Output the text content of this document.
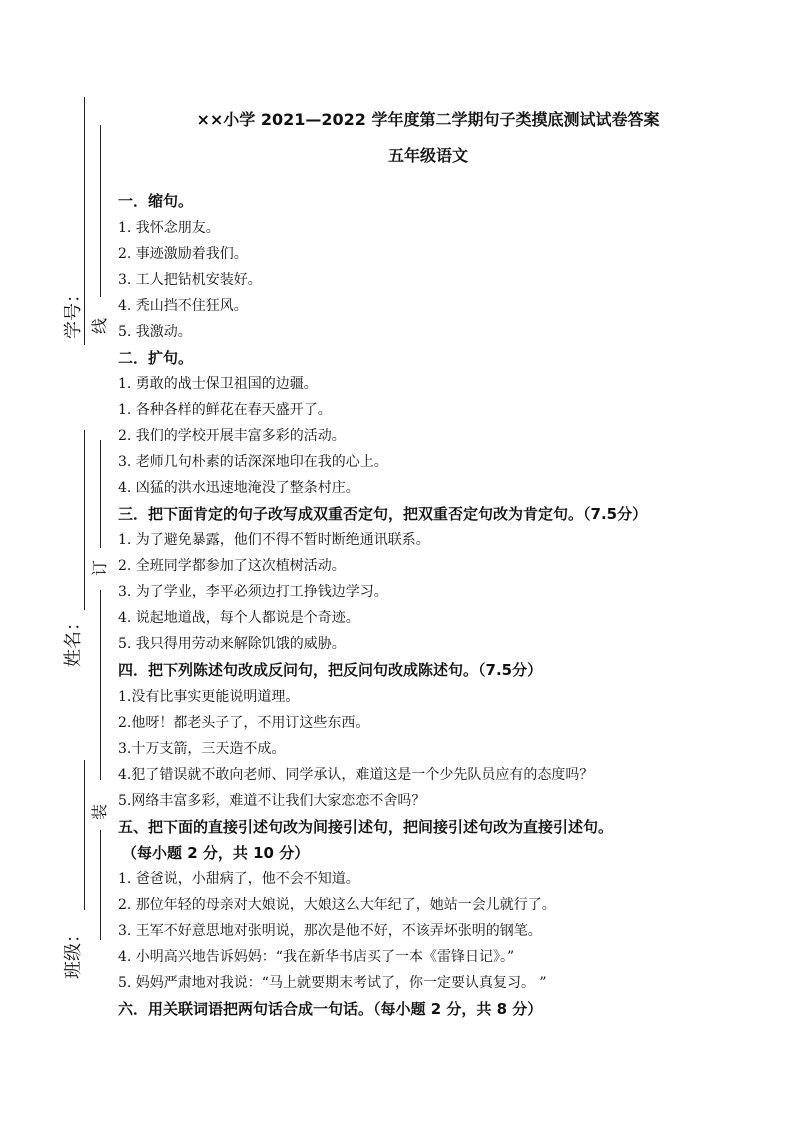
线
学号：
订
姓名：
装
班级：
××小学 2021—2022 学年度第二学期句子类摸底测试试卷答案
五年级语文
一．缩句。
1. 我怀念朋友。
2. 事迹激励着我们。
3. 工人把钻机安装好。
4. 秃山挡不住狂风。
5. 我激动。
二．扩句。
1. 勇敢的战士保卫祖国的边疆。
1. 各种各样的鲜花在春天盛开了。
2. 我们的学校开展丰富多彩的活动。
3. 老师几句朴素的话深深地印在我的心上。
4. 凶猛的洪水迅速地淹没了整条村庄。
三．把下面肯定的句子改写成双重否定句，把双重否定句改为肯定句。（7.5分）
1. 为了避免暴露，他们不得不暂时断绝通讯联系。
2. 全班同学都参加了这次植树活动。
3. 为了学业，李平必须边打工挣钱边学习。
4. 说起地道战，每个人都说是个奇迹。
5. 我只得用劳动来解除饥饿的威胁。
四．把下列陈述句改成反问句，把反问句改成陈述句。（7.5分）
1.没有比事实更能说明道理。
2.他呀！都老头子了，不用订这些东西。
3.十万支箭，三天造不成。
4.犯了错误就不敢向老师、同学承认，难道这是一个少先队员应有的态度吗？
5.网络丰富多彩，难道不让我们大家恋恋不舍吗？
五、把下面的直接引述句改为间接引述句，把间接引述句改为直接引述句。
（每小题 2 分，共 10 分）
1. 爸爸说，小甜病了，他不会不知道。
2. 那位年轻的母亲对大娘说，大娘这么大年纪了，她站一会儿就行了。
3. 王军不好意思地对张明说，那次是他不好，不该弄坏张明的钢笔。
4. 小明高兴地告诉妈妈：“我在新华书店买了一本《雷锋日记》。”
5. 妈妈严肃地对我说：“马上就要期末考试了，你一定要认真复习。 ”
六．用关联词语把两句话合成一句话。（每小题 2 分，共 8 分）
